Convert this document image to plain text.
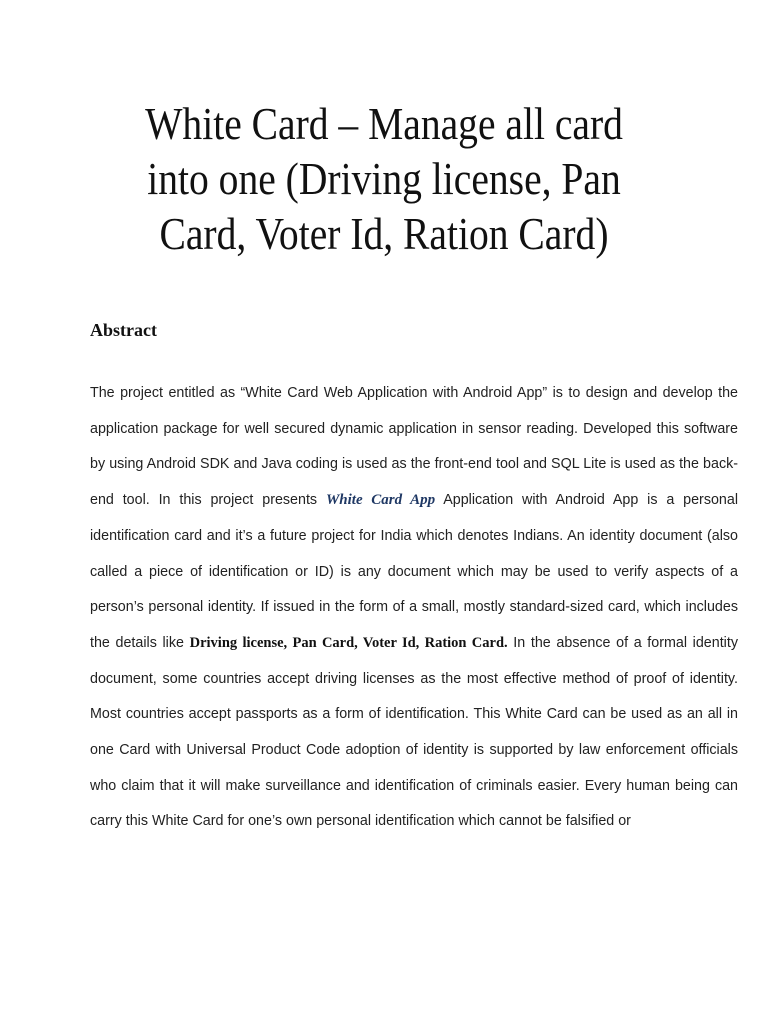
White Card – Manage all card into one (Driving license, Pan Card, Voter Id, Ration Card)
Abstract

The project entitled as “White Card Web Application with Android App” is to design and develop the application package for well secured dynamic application in sensor reading. Developed this software by using Android SDK and Java coding is used as the front-end tool and SQL Lite is used as the back-end tool. In this project presents White Card App Application with Android App is a personal identification card and it’s a future project for India which denotes Indians. An identity document (also called a piece of identification or ID) is any document which may be used to verify aspects of a person’s personal identity. If issued in the form of a small, mostly standard-sized card, which includes the details like Driving license, Pan Card, Voter Id, Ration Card. In the absence of a formal identity document, some countries accept driving licenses as the most effective method of proof of identity. Most countries accept passports as a form of identification. This White Card can be used as an all in one Card with Universal Product Code adoption of identity is supported by law enforcement officials who claim that it will make surveillance and identification of criminals easier. Every human being can carry this White Card for one’s own personal identification which cannot be falsified or
